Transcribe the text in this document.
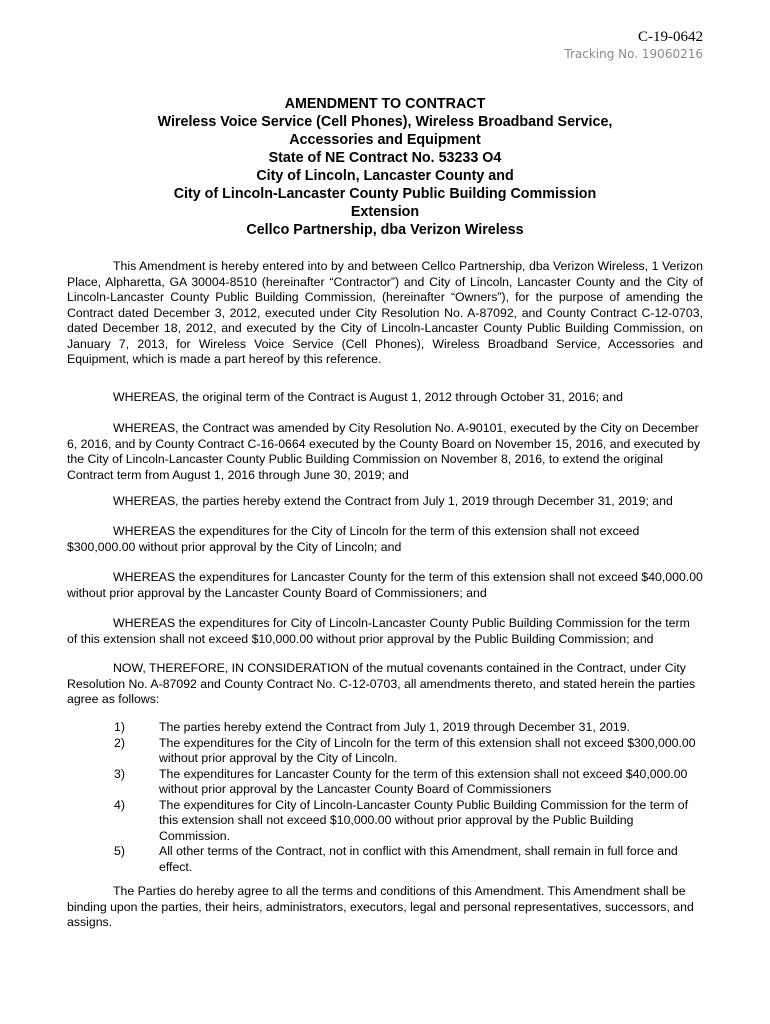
C-19-0642
Tracking No. 19060216
AMENDMENT TO CONTRACT
Wireless Voice Service (Cell Phones), Wireless Broadband Service,
Accessories and Equipment
State of NE Contract No. 53233 O4
City of Lincoln, Lancaster County and
City of Lincoln-Lancaster County Public Building Commission
Extension
Cellco Partnership, dba Verizon Wireless

This Amendment is hereby entered into by and between Cellco Partnership, dba Verizon Wireless, 1 Verizon Place, Alpharetta, GA 30004-8510 (hereinafter “Contractor”) and City of Lincoln, Lancaster County and the City of Lincoln-Lancaster County Public Building Commission, (hereinafter “Owners”), for the purpose of amending the Contract dated December 3, 2012, executed under City Resolution No. A-87092, and County Contract C-12-0703, dated December 18, 2012, and executed by the City of Lincoln-Lancaster County Public Building Commission, on January 7, 2013, for Wireless Voice Service (Cell Phones), Wireless Broadband Service, Accessories and Equipment, which is made a part hereof by this reference.

WHEREAS, the original term of the Contract is August 1, 2012 through October 31, 2016; and

WHEREAS, the Contract was amended by City Resolution No. A-90101, executed by the City on December 6, 2016, and by County Contract C-16-0664 executed by the County Board on November 15, 2016, and executed by the City of Lincoln-Lancaster County Public Building Commission on November 8, 2016, to extend the original Contract term from August 1, 2016 through June 30, 2019; and

WHEREAS, the parties hereby extend the Contract from July 1, 2019 through December 31, 2019; and

WHEREAS the expenditures for the City of Lincoln for the term of this extension shall not exceed $300,000.00 without prior approval by the City of Lincoln; and

WHEREAS the expenditures for Lancaster County for the term of this extension shall not exceed $40,000.00 without prior approval by the Lancaster County Board of Commissioners; and

WHEREAS the expenditures for City of Lincoln-Lancaster County Public Building Commission for the term of this extension shall not exceed $10,000.00 without prior approval by the Public Building Commission; and

NOW, THEREFORE, IN CONSIDERATION of the mutual covenants contained in the Contract, under City Resolution No. A-87092 and County Contract No. C-12-0703, all amendments thereto, and stated herein the parties agree as follows:

1)	The parties hereby extend the Contract from July 1, 2019 through December 31, 2019.
2)	The expenditures for the City of Lincoln for the term of this extension shall not exceed $300,000.00 without prior approval by the City of Lincoln.
3)	The expenditures for Lancaster County for the term of this extension shall not exceed $40,000.00 without prior approval by the Lancaster County Board of Commissioners
4)	The expenditures for City of Lincoln-Lancaster County Public Building Commission for the term of this extension shall not exceed $10,000.00 without prior approval by the Public Building Commission.
5)	All other terms of the Contract, not in conflict with this Amendment, shall remain in full force and effect.

The Parties do hereby agree to all the terms and conditions of this Amendment. This Amendment shall be binding upon the parties, their heirs, administrators, executors, legal and personal representatives, successors, and assigns.
